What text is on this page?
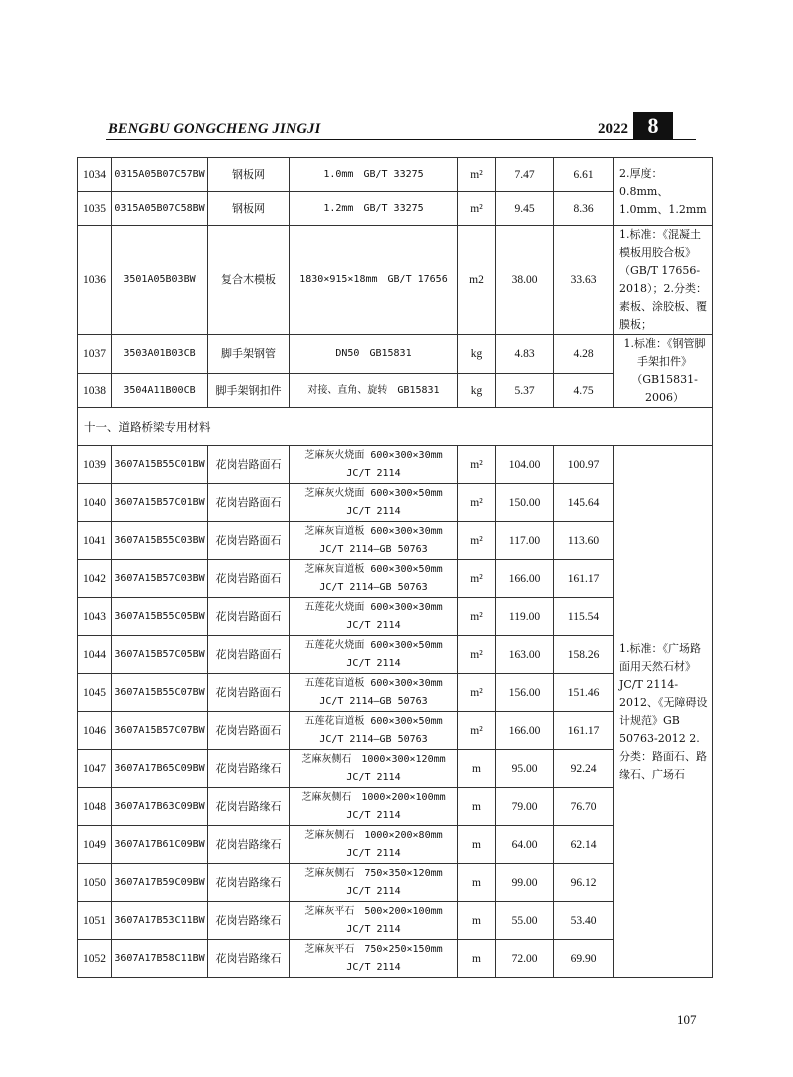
BENGBU GONGCHENG JINGJI	2022 8
1034	0315A05B07C57BW	钢板网	1.0mm　GB/T 33275	m²	7.47	6.61	2.厚度：0.8mm、1.0mm、1.2mm
1035	0315A05B07C58BW	钢板网	1.2mm　GB/T 33275	m²	9.45	8.36	
1036	3501A05B03BW	复合木模板	1830×915×18mm　GB/T 17656	m2	38.00	33.63	1.标准：《混凝土模板用胶合板》（GB/T 17656-2018）；2.分类：素板、涂胶板、覆膜板；
1037	3503A01B03CB	脚手架钢管	DN50　GB15831	kg	4.83	4.28	1.标准：《钢管脚手架扣件》（GB15831-2006）
1038	3504A11B00CB	脚手架钢扣件	对接、直角、旋转　GB15831	kg	5.37	4.75	
十一、道路桥梁专用材料							
1039	3607A15B55C01BW	花岗岩路面石	芝麻灰火烧面 600×300×30mm JC/T 2114	m²	104.00	100.97	1.标准：《广场路面用天然石材》JC/T 2114-2012、《无障碍设计规范》GB 50763-2012 2.分类：路面石、路缘石、广场石
1040	3607A15B57C01BW	花岗岩路面石	芝麻灰火烧面 600×300×50mm JC/T 2114	m²	150.00	145.64	
1041	3607A15B55C03BW	花岗岩路面石	芝麻灰盲道板 600×300×30mm JC/T 2114—GB 50763	m²	117.00	113.60	
1042	3607A15B57C03BW	花岗岩路面石	芝麻灰盲道板 600×300×50mm JC/T 2114—GB 50763	m²	166.00	161.17	
1043	3607A15B55C05BW	花岗岩路面石	五莲花火烧面 600×300×30mm JC/T 2114	m²	119.00	115.54	
1044	3607A15B57C05BW	花岗岩路面石	五莲花火烧面 600×300×50mm JC/T 2114	m²	163.00	158.26	
1045	3607A15B55C07BW	花岗岩路面石	五莲花盲道板 600×300×30mm JC/T 2114—GB 50763	m²	156.00	151.46	
1046	3607A15B57C07BW	花岗岩路面石	五莲花盲道板 600×300×50mm JC/T 2114—GB 50763	m²	166.00	161.17	
1047	3607A17B65C09BW	花岗岩路缘石	芝麻灰侧石　1000×300×120mm JC/T 2114	m	95.00	92.24	
1048	3607A17B63C09BW	花岗岩路缘石	芝麻灰侧石　1000×200×100mm JC/T 2114	m	79.00	76.70	
1049	3607A17B61C09BW	花岗岩路缘石	芝麻灰侧石　1000×200×80mm JC/T 2114	m	64.00	62.14	
1050	3607A17B59C09BW	花岗岩路缘石	芝麻灰侧石　750×350×120mm JC/T 2114	m	99.00	96.12	
1051	3607A17B53C11BW	花岗岩路缘石	芝麻灰平石　500×200×100mm JC/T 2114	m	55.00	53.40	
1052	3607A17B58C11BW	花岗岩路缘石	芝麻灰平石　750×250×150mm JC/T 2114	m	72.00	69.90	
107
